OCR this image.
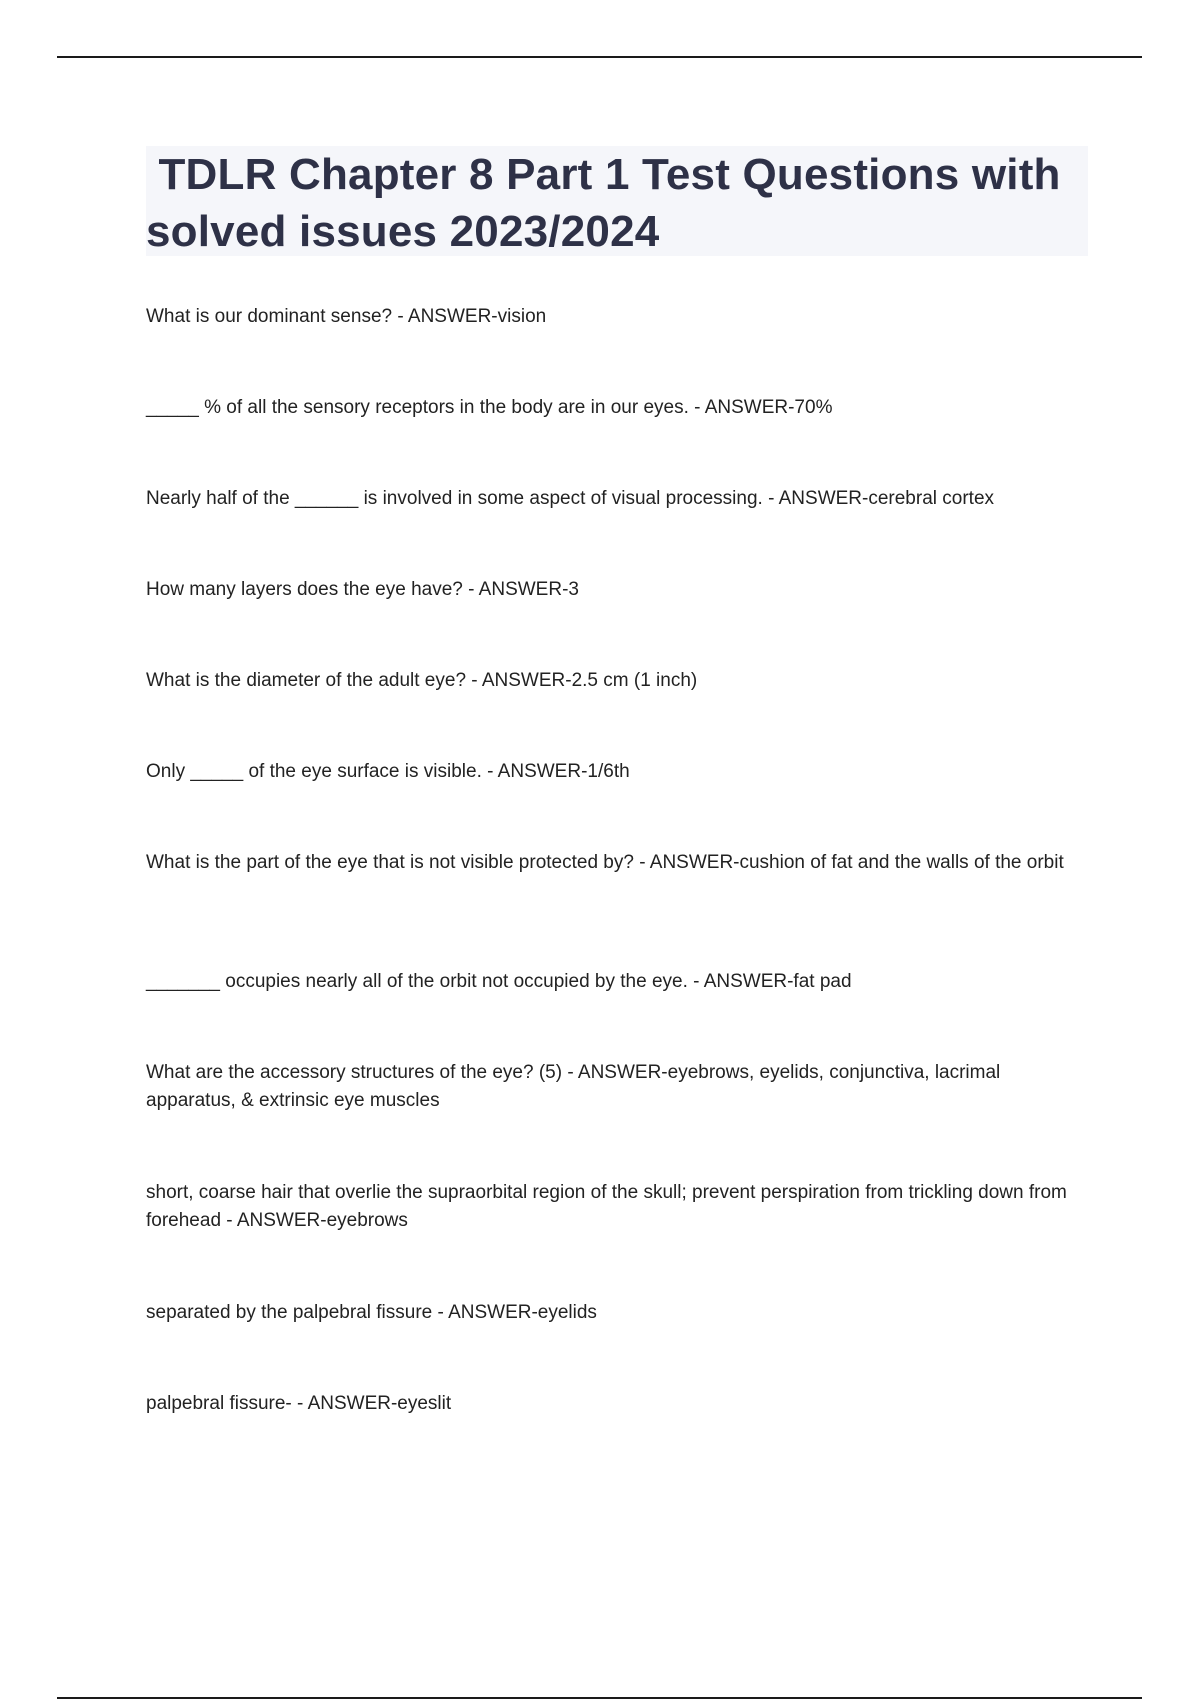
TDLR Chapter 8 Part 1 Test Questions with solved issues 2023/2024

What is our dominant sense? - ANSWER-vision

_____ % of all the sensory receptors in the body are in our eyes. - ANSWER-70%

Nearly half of the ______ is involved in some aspect of visual processing. - ANSWER-cerebral cortex

How many layers does the eye have? - ANSWER-3

What is the diameter of the adult eye? - ANSWER-2.5 cm (1 inch)

Only _____ of the eye surface is visible. - ANSWER-1/6th

What is the part of the eye that is not visible protected by? - ANSWER-cushion of fat and the walls of the orbit

_______ occupies nearly all of the orbit not occupied by the eye. - ANSWER-fat pad

What are the accessory structures of the eye? (5) - ANSWER-eyebrows, eyelids, conjunctiva, lacrimal apparatus, & extrinsic eye muscles

short, coarse hair that overlie the supraorbital region of the skull; prevent perspiration from trickling down from forehead - ANSWER-eyebrows

separated by the palpebral fissure - ANSWER-eyelids

palpebral fissure- - ANSWER-eyeslit
